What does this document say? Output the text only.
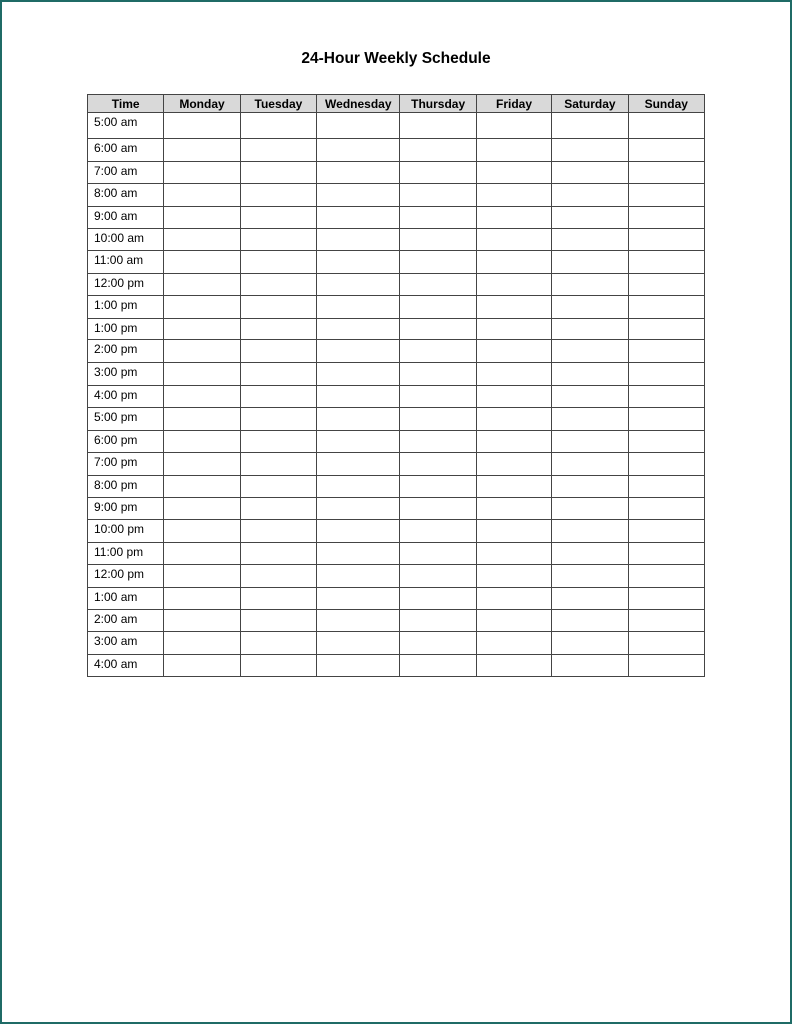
24-Hour Weekly Schedule
Time	Monday	Tuesday	Wednesday	Thursday	Friday	Saturday	Sunday
5:00 am							
6:00 am							
7:00 am							
8:00 am							
9:00 am							
10:00 am							
11:00 am							
12:00 pm							
1:00 pm							
1:00 pm							
2:00 pm							
3:00 pm							
4:00 pm							
5:00 pm							
6:00 pm							
7:00 pm							
8:00 pm							
9:00 pm							
10:00 pm							
11:00 pm							
12:00 pm							
1:00 am							
2:00 am							
3:00 am							
4:00 am							
